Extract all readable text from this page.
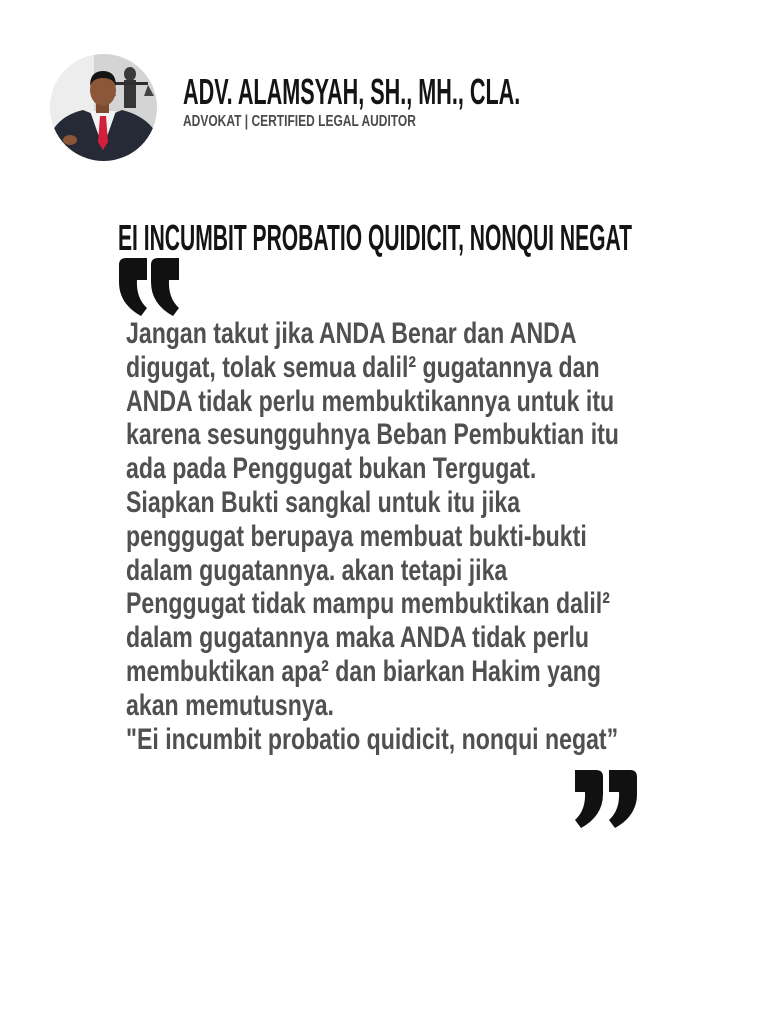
ADV. ALAMSYAH, SH., MH., CLA.
ADVOKAT | CERTIFIED LEGAL AUDITOR
EI INCUMBIT PROBATIO QUIDICIT, NONQUI NEGAT
Jangan takut jika ANDA Benar dan ANDA
digugat, tolak semua dalil² gugatannya dan
ANDA tidak perlu membuktikannya untuk itu
karena sesungguhnya Beban Pembuktian itu
ada pada Penggugat bukan Tergugat.
Siapkan Bukti sangkal untuk itu jika
penggugat berupaya membuat bukti-bukti
dalam gugatannya. akan tetapi jika
Penggugat tidak mampu membuktikan dalil²
dalam gugatannya maka ANDA tidak perlu
membuktikan apa² dan biarkan Hakim yang
akan memutusnya.
"Ei incumbit probatio quidicit, nonqui negat”
